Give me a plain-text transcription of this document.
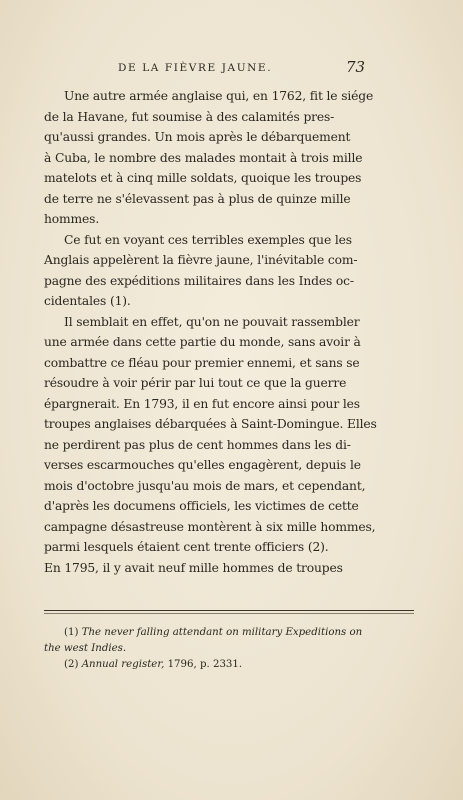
DE LA FIÈVRE JAUNE.	73

Une autre armée anglaise qui, en 1762, fit le siége
de la Havane, fut soumise à des calamités pres-
qu'aussi grandes. Un mois après le débarquement
à Cuba, le nombre des malades montait à trois mille
matelots et à cinq mille soldats, quoique les troupes
de terre ne s'élevassent pas à plus de quinze mille
hommes.

Ce fut en voyant ces terribles exemples que les
Anglais appelèrent la fièvre jaune, l'inévitable com-
pagne des expéditions militaires dans les Indes oc-
cidentales (1).

Il semblait en effet, qu'on ne pouvait rassembler
une armée dans cette partie du monde, sans avoir à
combattre ce fléau pour premier ennemi, et sans se
résoudre à voir périr par lui tout ce que la guerre
épargnerait. En 1793, il en fut encore ainsi pour les
troupes anglaises débarquées à Saint-Domingue. Elles
ne perdirent pas plus de cent hommes dans les di-
verses escarmouches qu'elles engagèrent, depuis le
mois d'octobre jusqu'au mois de mars, et cependant,
d'après les documens officiels, les victimes de cette
campagne désastreuse montèrent à six mille hommes,
parmi lesquels étaient cent trente officiers (2).
En 1795, il y avait neuf mille hommes de troupes

(1) The never falling attendant on military Expeditions on
the west Indies.
(2) Annual register, 1796, p. 2331.
